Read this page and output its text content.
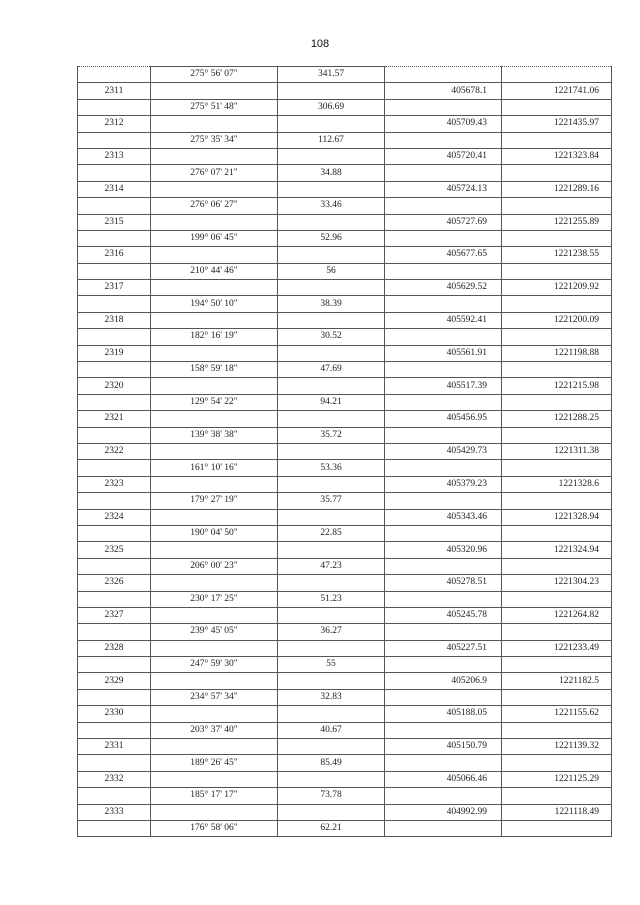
108
	275° 56' 07"	341.57		
2311			405678.1	1221741.06
	275° 51' 48"	306.69		
2312			405709.43	1221435.97
	275° 35' 34"	112.67		
2313			405720.41	1221323.84
	276° 07' 21"	34.88		
2314			405724.13	1221289.16
	276° 06' 27"	33.46		
2315			405727.69	1221255.89
	199° 06' 45"	52.96		
2316			405677.65	1221238.55
	210° 44' 46"	56		
2317			405629.52	1221209.92
	194° 50' 10"	38.39		
2318			405592.41	1221200.09
	182° 16' 19"	30.52		
2319			405561.91	1221198.88
	158° 59' 18"	47.69		
2320			405517.39	1221215.98
	129° 54' 22"	94.21		
2321			405456.95	1221288.25
	139° 38' 38"	35.72		
2322			405429.73	1221311.38
	161° 10' 16"	53.36		
2323			405379.23	1221328.6
	179° 27' 19"	35.77		
2324			405343.46	1221328.94
	190° 04' 50"	22.85		
2325			405320.96	1221324.94
	206° 00' 23"	47.23		
2326			405278.51	1221304.23
	230° 17' 25"	51.23		
2327			405245.78	1221264.82
	239° 45' 05"	36.27		
2328			405227.51	1221233.49
	247° 59' 30"	55		
2329			405206.9	1221182.5
	234° 57' 34"	32.83		
2330			405188.05	1221155.62
	203° 37' 40"	40.67		
2331			405150.79	1221139.32
	189° 26' 45"	85.49		
2332			405066.46	1221125.29
	185° 17' 17"	73.78		
2333			404992.99	1221118.49
	176° 58' 06"	62.21		
